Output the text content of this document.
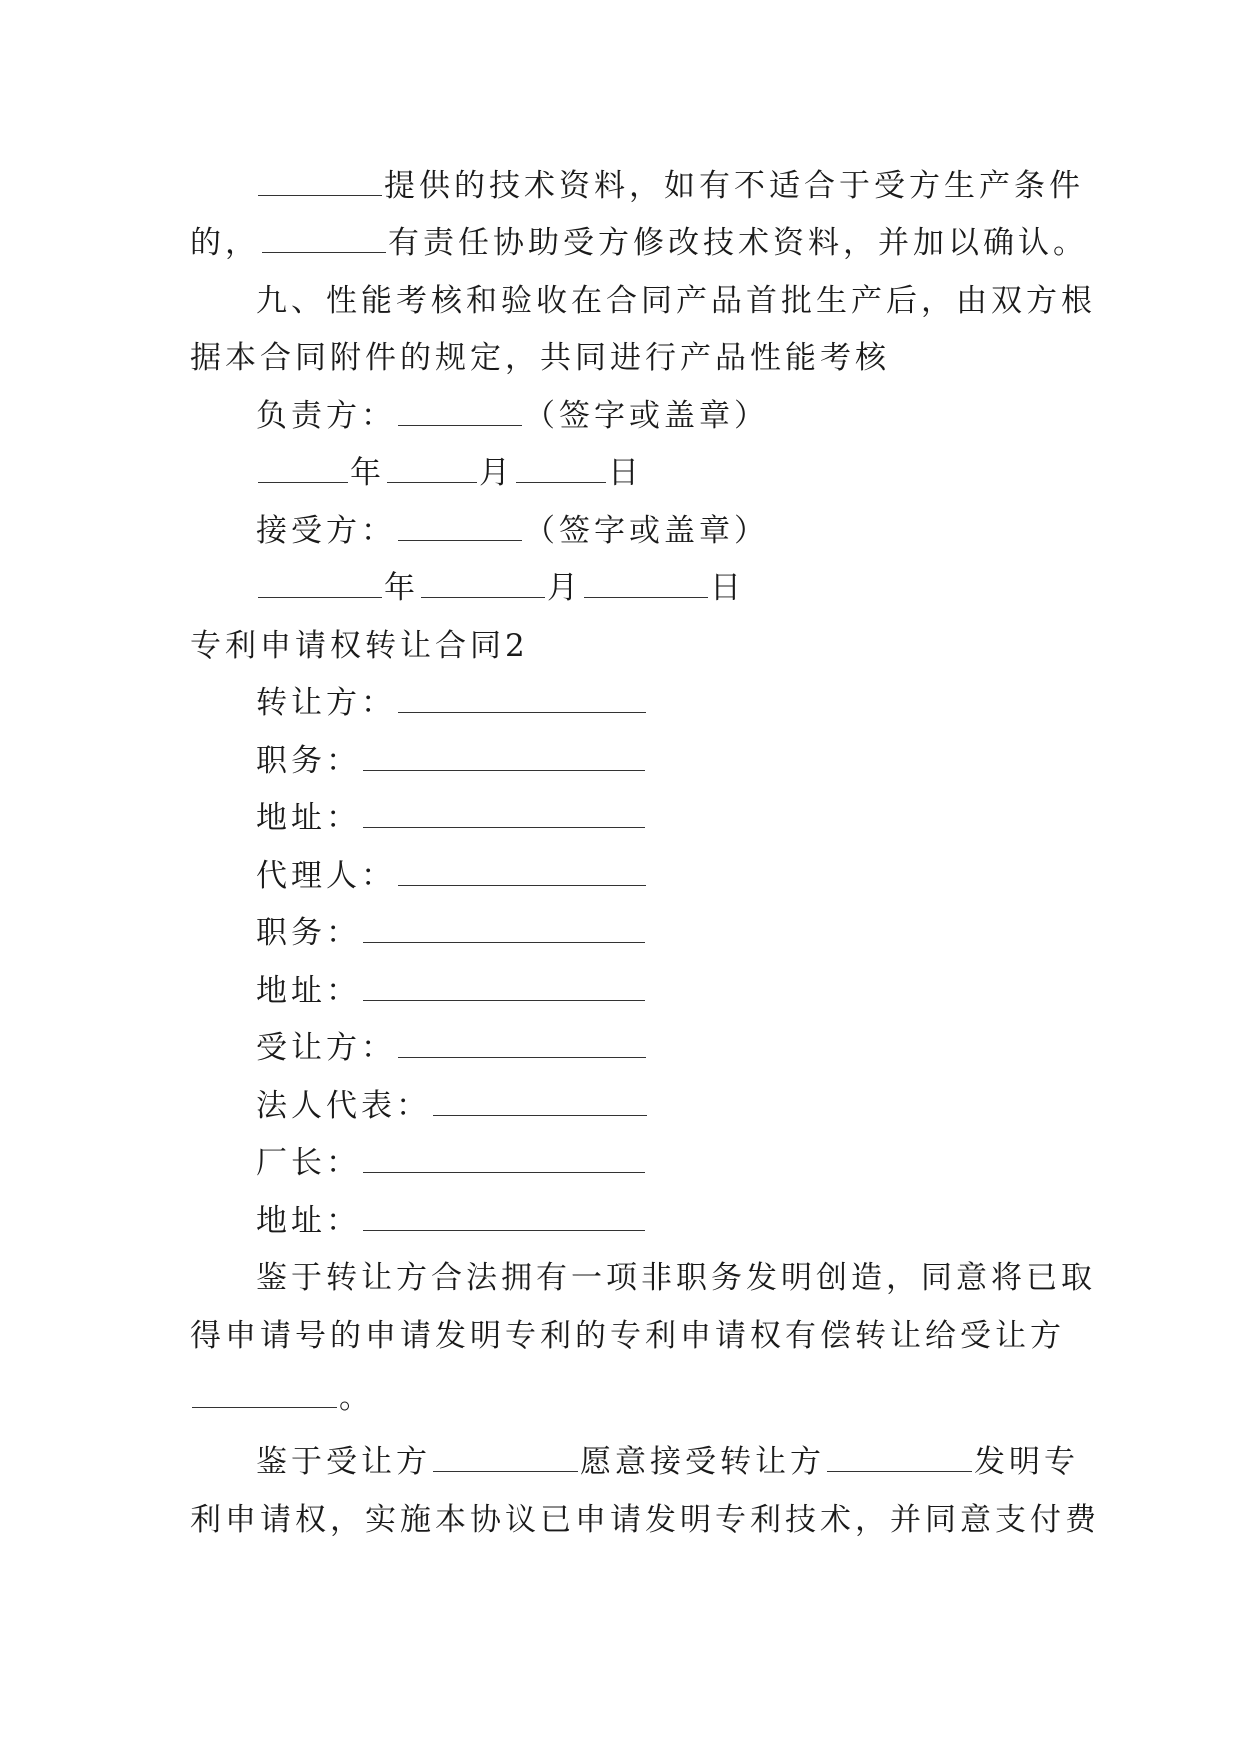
提供的技术资料，如有不适合于受方生产条件
的，	有责任协助受方修改技术资料，并加以确认。
九、性能考核和验收在合同产品首批生产后，由双方根
据本合同附件的规定，共同进行产品性能考核
负责方：	（签字或盖章）
年	月	日
接受方：	（签字或盖章）
年	月	日
专利申请权转让合同2
转让方：
职务：
地址：
代理人：
职务：
地址：
受让方：
法人代表：
厂长：
地址：
鉴于转让方合法拥有一项非职务发明创造，同意将已取
得申请号的申请发明专利的专利申请权有偿转让给受让方
。
鉴于受让方	愿意接受转让方	发明专
利申请权，实施本协议已申请发明专利技术，并同意支付费
